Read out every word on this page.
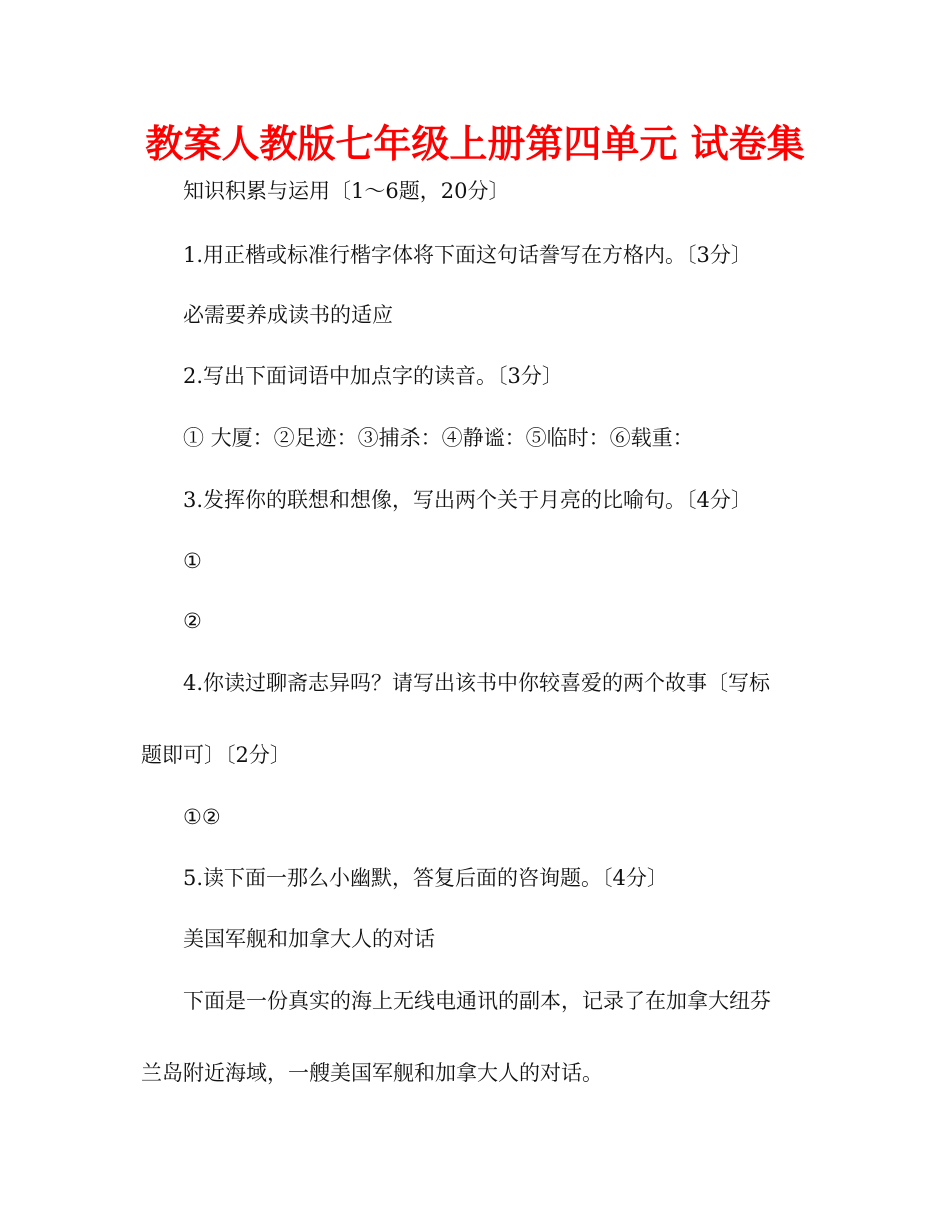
教案人教版七年级上册第四单元 试卷集
知识积累与运用〔1～6题，20分〕
1.用正楷或标准行楷字体将下面这句话誊写在方格内。〔3分〕
必需要养成读书的适应
2.写出下面词语中加点字的读音。〔3分〕
① 大厦：②足迹：③捕杀：④静谧：⑤临时：⑥载重：
3.发挥你的联想和想像，写出两个关于月亮的比喻句。〔4分〕
①
②
4.你读过聊斋志异吗？请写出该书中你较喜爱的两个故事〔写标
题即可〕〔2分〕
①②
5.读下面一那么小幽默，答复后面的咨询题。〔4分〕
美国军舰和加拿大人的对话
下面是一份真实的海上无线电通讯的副本，记录了在加拿大纽芬
兰岛附近海域，一艘美国军舰和加拿大人的对话。
